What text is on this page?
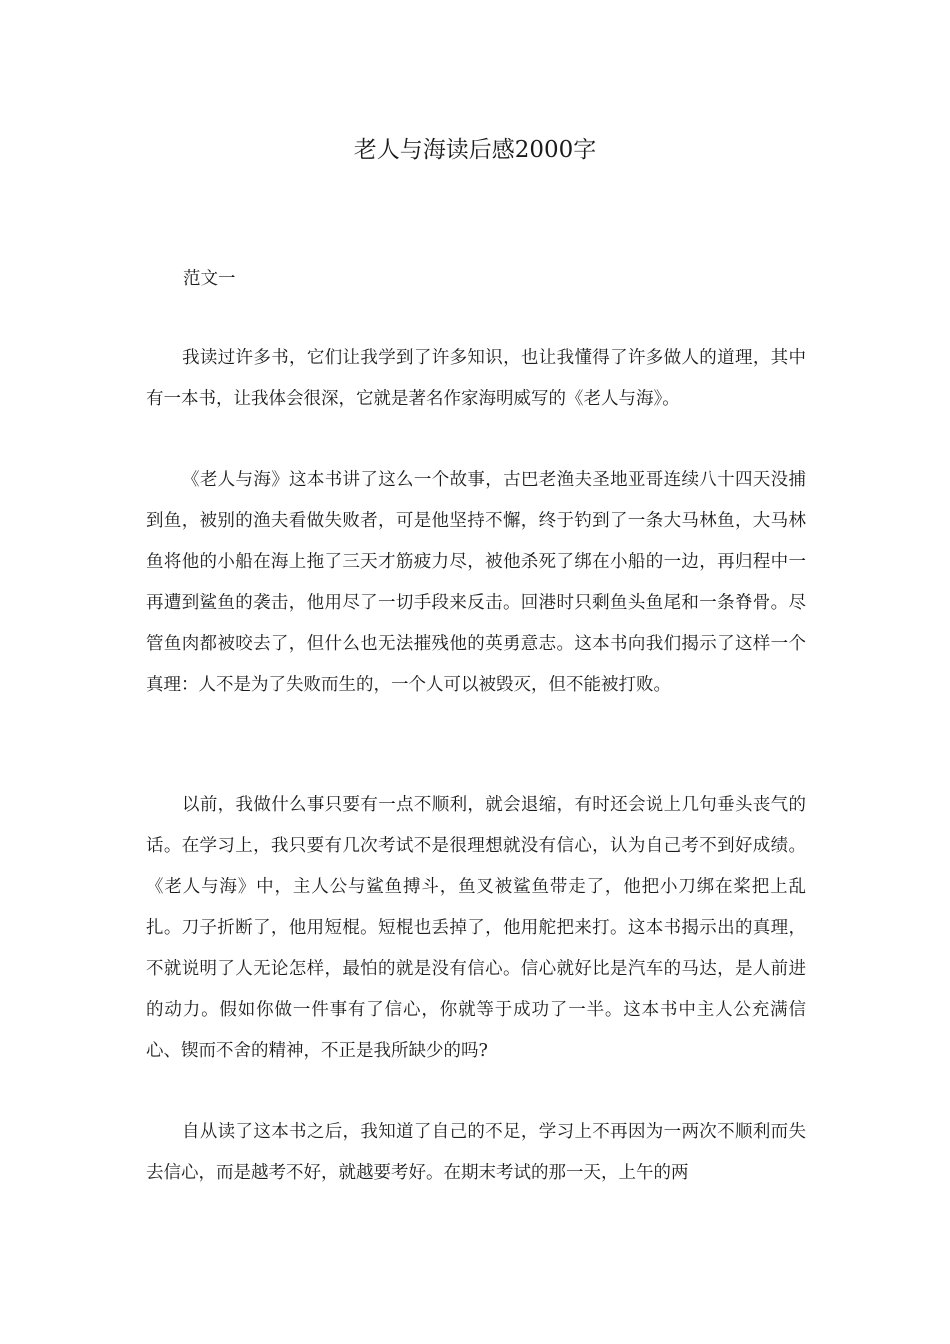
老人与海读后感2000字
范文一

我读过许多书，它们让我学到了许多知识，也让我懂得了许多做人的道理，其中有一本书，让我体会很深，它就是著名作家海明威写的《老人与海》。

《老人与海》这本书讲了这么一个故事，古巴老渔夫圣地亚哥连续八十四天没捕到鱼，被别的渔夫看做失败者，可是他坚持不懈，终于钓到了一条大马林鱼，大马林鱼将他的小船在海上拖了三天才筋疲力尽，被他杀死了绑在小船的一边，再归程中一再遭到鲨鱼的袭击，他用尽了一切手段来反击。回港时只剩鱼头鱼尾和一条脊骨。尽管鱼肉都被咬去了，但什么也无法摧残他的英勇意志。这本书向我们揭示了这样一个真理：人不是为了失败而生的，一个人可以被毁灭，但不能被打败。

以前，我做什么事只要有一点不顺利，就会退缩，有时还会说上几句垂头丧气的话。在学习上，我只要有几次考试不是很理想就没有信心，认为自己考不到好成绩。《老人与海》中，主人公与鲨鱼搏斗，鱼叉被鲨鱼带走了，他把小刀绑在桨把上乱扎。刀子折断了，他用短棍。短棍也丢掉了，他用舵把来打。这本书揭示出的真理，不就说明了人无论怎样，最怕的就是没有信心。信心就好比是汽车的马达，是人前进的动力。假如你做一件事有了信心，你就等于成功了一半。这本书中主人公充满信心、锲而不舍的精神，不正是我所缺少的吗?

自从读了这本书之后，我知道了自己的不足，学习上不再因为一两次不顺利而失去信心，而是越考不好，就越要考好。在期末考试的那一天，上午的两
